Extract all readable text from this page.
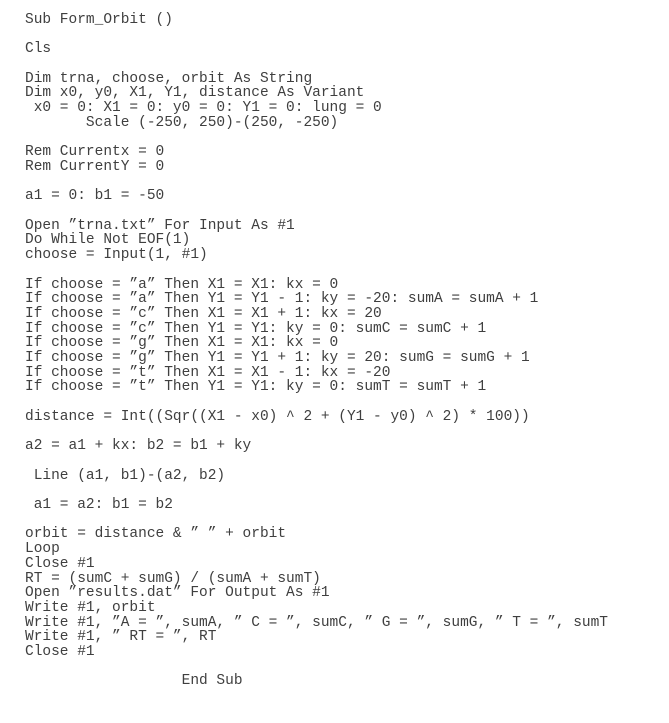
Sub Form_Orbit ()
Cls
Dim trna, choose, orbit As String
Dim x0, y0, X1, Y1, distance As Variant
x0 = 0: X1 = 0: y0 = 0: Y1 = 0: lung = 0
Scale (-250, 250)-(250, -250)
Rem Currentx = 0
Rem CurrentY = 0
a1 = 0: b1 = -50
Open ”trna.txt” For Input As #1
Do While Not EOF(1)
choose = Input(1, #1)
If choose = ”a” Then X1 = X1: kx = 0
If choose = ”a” Then Y1 = Y1 - 1: ky = -20: sumA = sumA + 1
If choose = ”c” Then X1 = X1 + 1: kx = 20
If choose = ”c” Then Y1 = Y1: ky = 0: sumC = sumC + 1
If choose = ”g” Then X1 = X1: kx = 0
If choose = ”g” Then Y1 = Y1 + 1: ky = 20: sumG = sumG + 1
If choose = ”t” Then X1 = X1 - 1: kx = -20
If choose = ”t” Then Y1 = Y1: ky = 0: sumT = sumT + 1
distance = Int((Sqr((X1 - x0) ^ 2 + (Y1 - y0) ^ 2) * 100))
a2 = a1 + kx: b2 = b1 + ky
Line (a1, b1)-(a2, b2)
a1 = a2: b1 = b2
orbit = distance & ” ” + orbit
Loop
Close #1
RT = (sumC + sumG) / (sumA + sumT)
Open ”results.dat” For Output As #1
Write #1, orbit
Write #1, ”A = ”, sumA, ” C = ”, sumC, ” G = ”, sumG, ” T = ”, sumT
Write #1, ” RT = ”, RT
Close #1
End Sub
